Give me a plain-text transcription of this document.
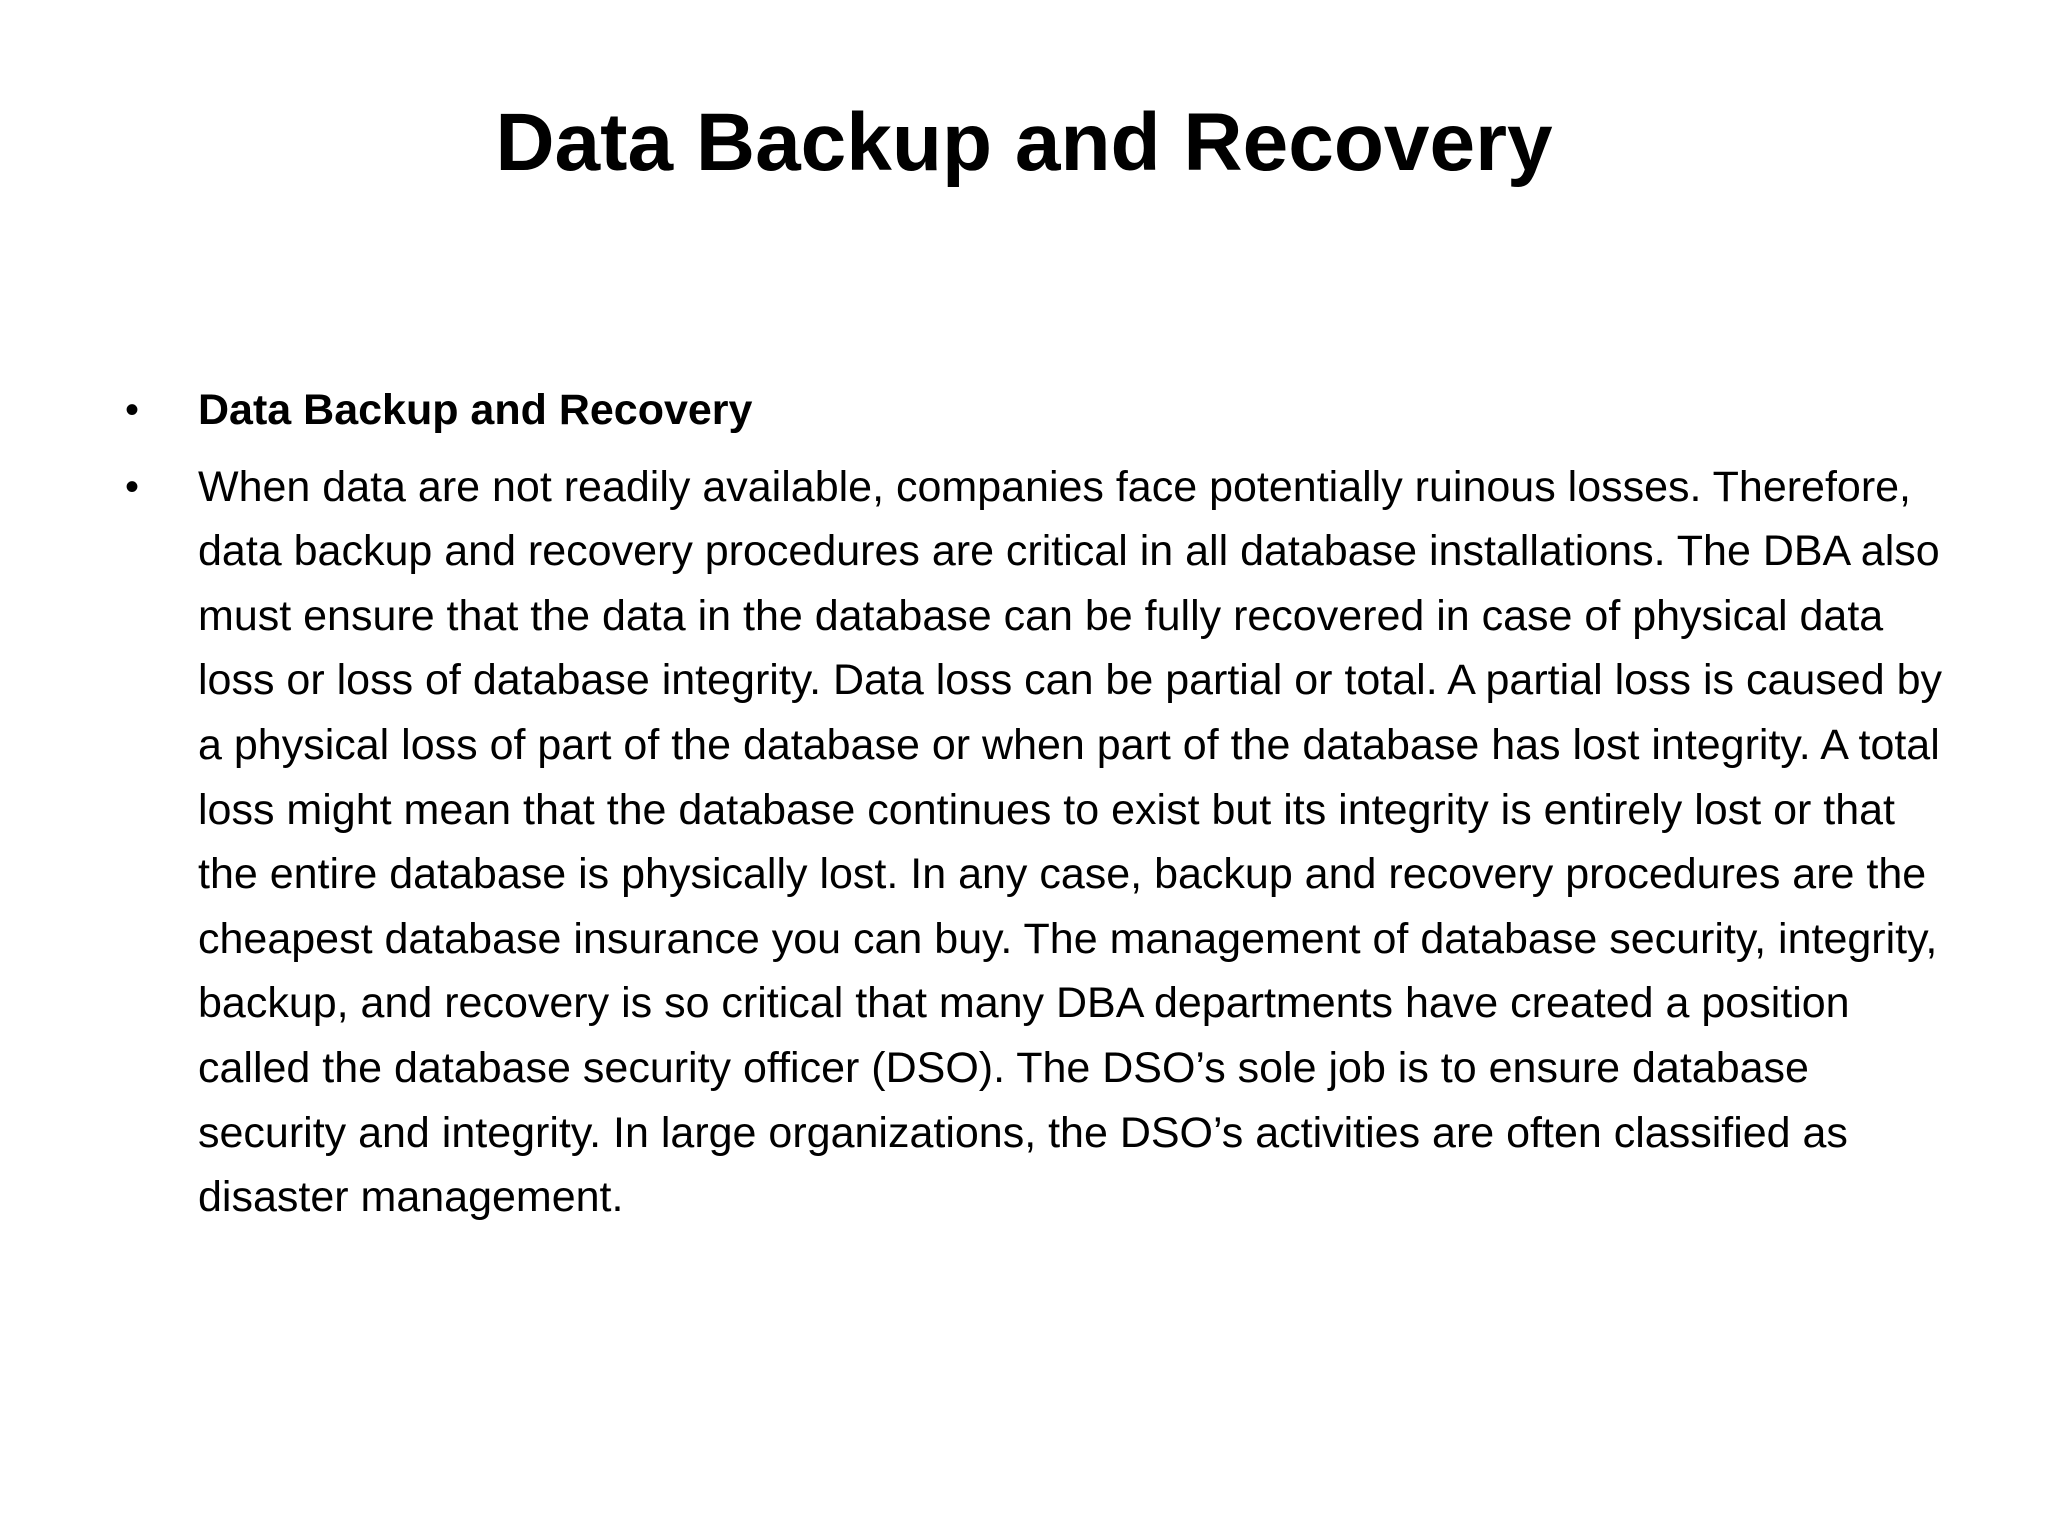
Data Backup and Recovery
• Data Backup and Recovery
• When data are not readily available, companies face potentially ruinous losses. Therefore, data backup and recovery procedures are critical in all database installations. The DBA also must ensure that the data in the database can be fully recovered in case of physical data loss or loss of database integrity. Data loss can be partial or total. A partial loss is caused by a physical loss of part of the database or when part of the database has lost integrity. A total loss might mean that the database continues to exist but its integrity is entirely lost or that the entire database is physically lost. In any case, backup and recovery procedures are the cheapest database insurance you can buy. The management of database security, integrity, backup, and recovery is so critical that many DBA departments have created a position called the database security officer (DSO). The DSO’s sole job is to ensure database security and integrity. In large organizations, the DSO’s activities are often classified as disaster management.
